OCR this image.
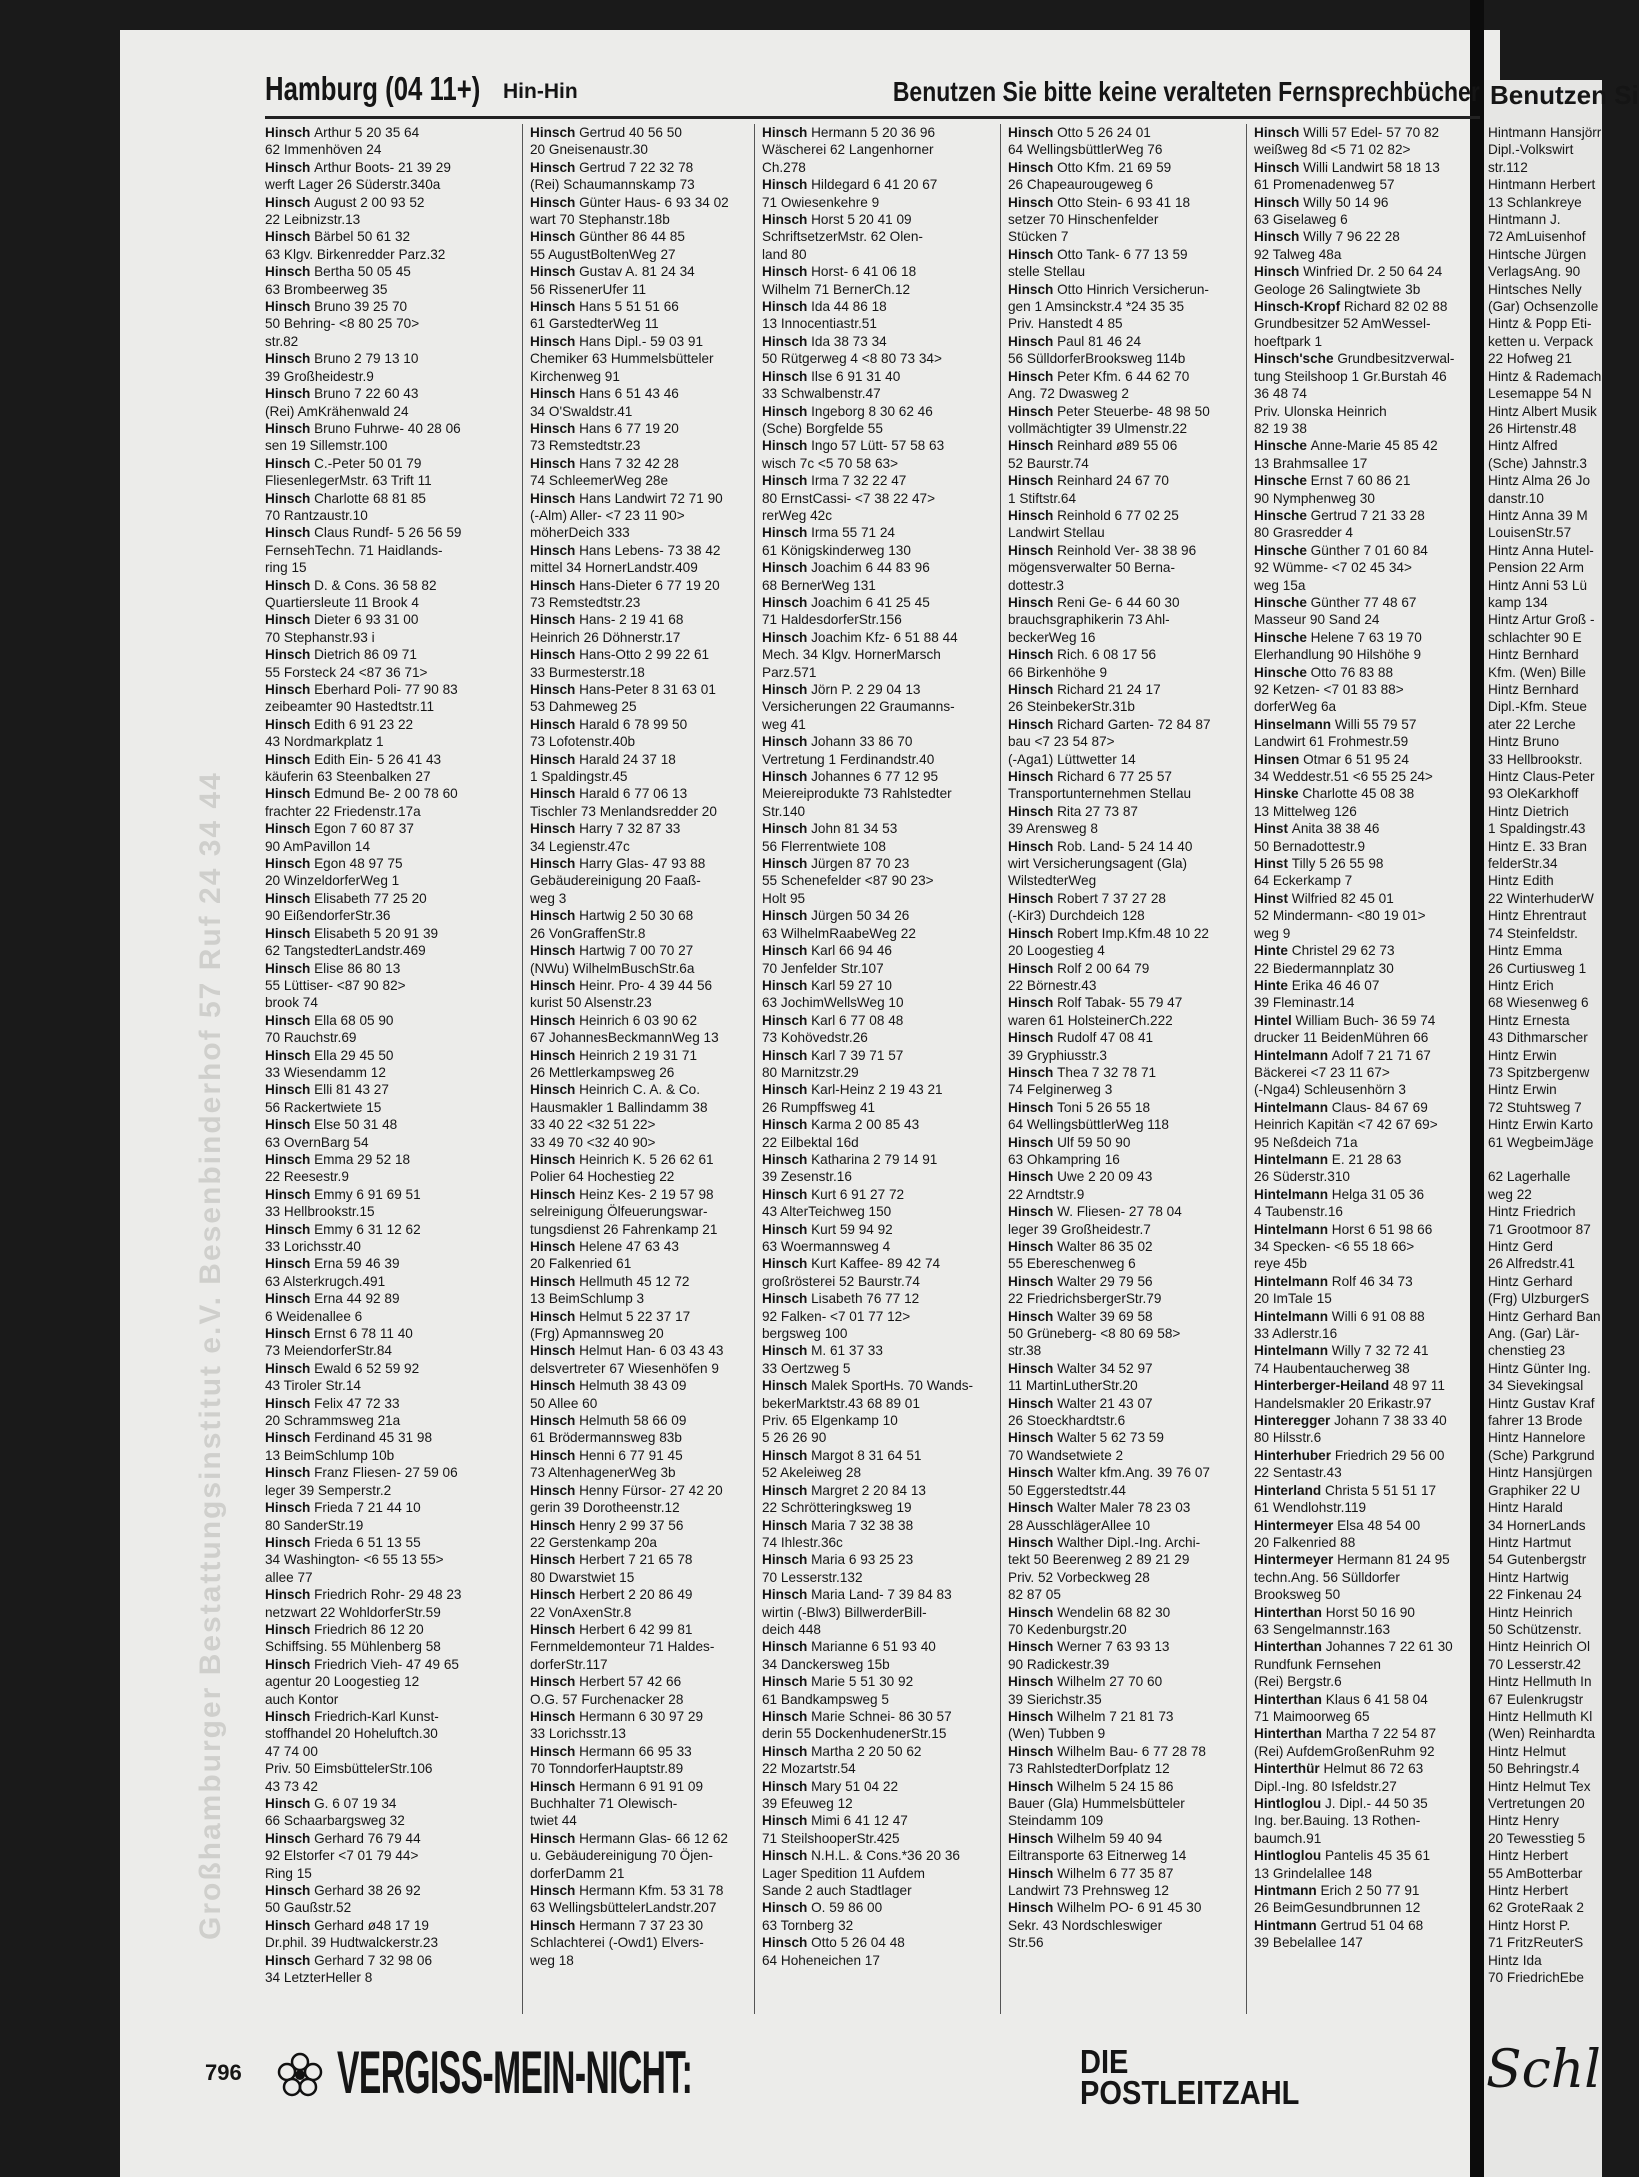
Benutzen Si
Hintmann Hansjörr
Dipl.-Volkswirt
str.112
Hintmann Herbert
13 Schlankreye
Hintmann J.
72 AmLuisenhof
Hintsche Jürgen
VerlagsAng. 90
Hintsches Nelly
(Gar) Ochsenzolle
Hintz & Popp Eti-
ketten u. Verpack
22 Hofweg 21
Hintz & Rademach
Lesemappe 54 N
Hintz Albert Musik
26 Hirtenstr.48
Hintz Alfred
(Sche) Jahnstr.3
Hintz Alma 26 Jo
danstr.10
Hintz Anna 39 M
LouisenStr.57
Hintz Anna Hutel-
Pension 22 Arm
Hintz Anni 53 Lü
kamp 134
Hintz Artur Groß -
schlachter 90 E
Hintz Bernhard
Kfm. (Wen) Bille
Hintz Bernhard
Dipl.-Kfm. Steue
ater 22 Lerche
Hintz Bruno
33 Hellbrookstr.
Hintz Claus-Peter
93 OleKarkhoff
Hintz Dietrich
1 Spaldingstr.43
Hintz E. 33 Bran
felderStr.34
Hintz Edith
22 WinterhuderW
Hintz Ehrentraut
74 Steinfeldstr.
Hintz Emma
26 Curtiusweg 1
Hintz Erich
68 Wiesenweg 6
Hintz Ernesta
43 Dithmarscher
Hintz Erwin
73 Spitzbergenw
Hintz Erwin
72 Stuhtsweg 7
Hintz Erwin Karto
61 WegbeimJäge

62 Lagerhalle
weg 22
Hintz Friedrich
71 Grootmoor 87
Hintz Gerd
26 Alfredstr.41
Hintz Gerhard
(Frg) UlzburgerS
Hintz Gerhard Ban
Ang. (Gar) Lär-
chenstieg 23
Hintz Günter Ing.
34 Sievekingsal
Hintz Gustav Kraf
fahrer 13 Brode
Hintz Hannelore
(Sche) Parkgrund
Hintz Hansjürgen
Graphiker 22 U
Hintz Harald
34 HornerLands
Hintz Hartmut
54 Gutenbergstr
Hintz Hartwig
22 Finkenau 24
Hintz Heinrich
50 Schützenstr.
Hintz Heinrich Ol
70 Lesserstr.42
Hintz Hellmuth In
67 Eulenkrugstr
Hintz Hellmuth Kl
(Wen) Reinhardta
Hintz Helmut
50 Behringstr.4
Hintz Helmut Tex
Vertretungen 20
Hintz Henry
20 Tewesstieg 5
Hintz Herbert
55 AmBotterbar
Hintz Herbert
62 GroteRaak 2
Hintz Horst P.
71 FritzReuterS
Hintz Ida
70 FriedrichEbe
Schl
Großhamburger Bestattungsinstitut e.V. Besenbinderhof 57 Ruf 24 34 44
Hamburg (04 11+) Hin-Hin	Benutzen Sie bitte keine veralteten Fernsprechbücher
Hinsch Arthur 5 20 35 64
62 Immenhöven 24
Hinsch Arthur Boots- 21 39 29
werft Lager 26 Süderstr.340a
Hinsch August 2 00 93 52
22 Leibnizstr.13
Hinsch Bärbel 50 61 32
63 Klgv. Birkenredder Parz.32
Hinsch Bertha 50 05 45
63 Brombeerweg 35
Hinsch Bruno 39 25 70
50 Behring- <8 80 25 70>
str.82
Hinsch Bruno 2 79 13 10
39 Großheidestr.9
Hinsch Bruno 7 22 60 43
(Rei) AmKrähenwald 24
Hinsch Bruno Fuhrwe- 40 28 06
sen 19 Sillemstr.100
Hinsch C.-Peter 50 01 79
FliesenlegerMstr. 63 Trift 11
Hinsch Charlotte 68 81 85
70 Rantzaustr.10
Hinsch Claus Rundf- 5 26 56 59
FernsehTechn. 71 Haidlands-
ring 15
Hinsch D. & Cons. 36 58 82
Quartiersleute 11 Brook 4
Hinsch Dieter 6 93 31 00
70 Stephanstr.93 i
Hinsch Dietrich 86 09 71
55 Forsteck 24 <87 36 71>
Hinsch Eberhard Poli- 77 90 83
zeibeamter 90 Hastedtstr.11
Hinsch Edith 6 91 23 22
43 Nordmarkplatz 1
Hinsch Edith Ein- 5 26 41 43
käuferin 63 Steenbalken 27
Hinsch Edmund Be- 2 00 78 60
frachter 22 Friedenstr.17a
Hinsch Egon 7 60 87 37
90 AmPavillon 14
Hinsch Egon 48 97 75
20 WinzeldorferWeg 1
Hinsch Elisabeth 77 25 20
90 EißendorferStr.36
Hinsch Elisabeth 5 20 91 39
62 TangstedterLandstr.469
Hinsch Elise 86 80 13
55 Lüttiser- <87 90 82>
brook 74
Hinsch Ella 68 05 90
70 Rauchstr.69
Hinsch Ella 29 45 50
33 Wiesendamm 12
Hinsch Elli 81 43 27
56 Rackertwiete 15
Hinsch Else 50 31 48
63 OvernBarg 54
Hinsch Emma 29 52 18
22 Reesestr.9
Hinsch Emmy 6 91 69 51
33 Hellbrookstr.15
Hinsch Emmy 6 31 12 62
33 Lorichsstr.40
Hinsch Erna 59 46 39
63 Alsterkrugch.491
Hinsch Erna 44 92 89
6 Weidenallee 6
Hinsch Ernst 6 78 11 40
73 MeiendorferStr.84
Hinsch Ewald 6 52 59 92
43 Tiroler Str.14
Hinsch Felix 47 72 33
20 Schrammsweg 21a
Hinsch Ferdinand 45 31 98
13 BeimSchlump 10b
Hinsch Franz Fliesen- 27 59 06
leger 39 Semperstr.2
Hinsch Frieda 7 21 44 10
80 SanderStr.19
Hinsch Frieda 6 51 13 55
34 Washington- <6 55 13 55>
allee 77
Hinsch Friedrich Rohr- 29 48 23
netzwart 22 WohldorferStr.59
Hinsch Friedrich 86 12 20
Schiffsing. 55 Mühlenberg 58
Hinsch Friedrich Vieh- 47 49 65
agentur 20 Loogestieg 12
auch Kontor
Hinsch Friedrich-Karl Kunst-
stoffhandel 20 Hoheluftch.30
47 74 00
Priv. 50 EimsbüttelerStr.106
43 73 42
Hinsch G. 6 07 19 34
66 Schaarbargsweg 32
Hinsch Gerhard 76 79 44
92 Elstorfer <7 01 79 44>
Ring 15
Hinsch Gerhard 38 26 92
50 Gaußstr.52
Hinsch Gerhard ø48 17 19
Dr.phil. 39 Hudtwalckerstr.23
Hinsch Gerhard 7 32 98 06
34 LetzterHeller 8
Hinsch Gertrud 40 56 50
20 Gneisenaustr.30
Hinsch Gertrud 7 22 32 78
(Rei) Schaumannskamp 73
Hinsch Günter Haus- 6 93 34 02
wart 70 Stephanstr.18b
Hinsch Günther 86 44 85
55 AugustBoltenWeg 27
Hinsch Gustav A. 81 24 34
56 RissenerUfer 11
Hinsch Hans 5 51 51 66
61 GarstedterWeg 11
Hinsch Hans Dipl.- 59 03 91
Chemiker 63 Hummelsbütteler
Kirchenweg 91
Hinsch Hans 6 51 43 46
34 O'Swaldstr.41
Hinsch Hans 6 77 19 20
73 Remstedtstr.23
Hinsch Hans 7 32 42 28
74 SchleemerWeg 28e
Hinsch Hans Landwirt 72 71 90
(-Alm) Aller- <7 23 11 90>
möherDeich 333
Hinsch Hans Lebens- 73 38 42
mittel 34 HornerLandstr.409
Hinsch Hans-Dieter 6 77 19 20
73 Remstedtstr.23
Hinsch Hans- 2 19 41 68
Heinrich 26 Döhnerstr.17
Hinsch Hans-Otto 2 99 22 61
33 Burmesterstr.18
Hinsch Hans-Peter 8 31 63 01
53 Dahmeweg 25
Hinsch Harald 6 78 99 50
73 Lofotenstr.40b
Hinsch Harald 24 37 18
1 Spaldingstr.45
Hinsch Harald 6 77 06 13
Tischler 73 Menlandsredder 20
Hinsch Harry 7 32 87 33
34 Legienstr.47c
Hinsch Harry Glas- 47 93 88
Gebäudereinigung 20 Faaß-
weg 3
Hinsch Hartwig 2 50 30 68
26 VonGraffenStr.8
Hinsch Hartwig 7 00 70 27
(NWu) WilhelmBuschStr.6a
Hinsch Heinr. Pro- 4 39 44 56
kurist 50 Alsenstr.23
Hinsch Heinrich 6 03 90 62
67 JohannesBeckmannWeg 13
Hinsch Heinrich 2 19 31 71
26 Mettlerkampsweg 26
Hinsch Heinrich C. A. & Co.
Hausmakler 1 Ballindamm 38
33 40 22 <32 51 22>
33 49 70 <32 40 90>
Hinsch Heinrich K. 5 26 62 61
Polier 64 Hochestieg 22
Hinsch Heinz Kes- 2 19 57 98
selreinigung Ölfeuerungswar-
tungsdienst 26 Fahrenkamp 21
Hinsch Helene 47 63 43
20 Falkenried 61
Hinsch Hellmuth 45 12 72
13 BeimSchlump 3
Hinsch Helmut 5 22 37 17
(Frg) Apmannsweg 20
Hinsch Helmut Han- 6 03 43 43
delsvertreter 67 Wiesenhöfen 9
Hinsch Helmuth 38 43 09
50 Allee 60
Hinsch Helmuth 58 66 09
61 Brödermannsweg 83b
Hinsch Henni 6 77 91 45
73 AltenhagenerWeg 3b
Hinsch Henny Fürsor- 27 42 20
gerin 39 Dorotheenstr.12
Hinsch Henry 2 99 37 56
22 Gerstenkamp 20a
Hinsch Herbert 7 21 65 78
80 Dwarstwiet 15
Hinsch Herbert 2 20 86 49
22 VonAxenStr.8
Hinsch Herbert 6 42 99 81
Fernmeldemonteur 71 Haldes-
dorferStr.117
Hinsch Herbert 57 42 66
O.G. 57 Furchenacker 28
Hinsch Hermann 6 30 97 29
33 Lorichsstr.13
Hinsch Hermann 66 95 33
70 TonndorferHauptstr.89
Hinsch Hermann 6 91 91 09
Buchhalter 71 Olewisch-
twiet 44
Hinsch Hermann Glas- 66 12 62
u. Gebäudereinigung 70 Öjen-
dorferDamm 21
Hinsch Hermann Kfm. 53 31 78
63 WellingsbüttelerLandstr.207
Hinsch Hermann 7 37 23 30
Schlachterei (-Owd1) Elvers-
weg 18
Hinsch Hermann 5 20 36 96
Wäscherei 62 Langenhorner
Ch.278
Hinsch Hildegard 6 41 20 67
71 Owiesenkehre 9
Hinsch Horst 5 20 41 09
SchriftsetzerMstr. 62 Olen-
land 80
Hinsch Horst- 6 41 06 18
Wilhelm 71 BernerCh.12
Hinsch Ida 44 86 18
13 Innocentiastr.51
Hinsch Ida 38 73 34
50 Rütgerweg 4 <8 80 73 34>
Hinsch Ilse 6 91 31 40
33 Schwalbenstr.47
Hinsch Ingeborg 8 30 62 46
(Sche) Borgfelde 55
Hinsch Ingo 57 Lütt- 57 58 63
wisch 7c <5 70 58 63>
Hinsch Irma 7 32 22 47
80 ErnstCassi- <7 38 22 47>
rerWeg 42c
Hinsch Irma 55 71 24
61 Königskinderweg 130
Hinsch Joachim 6 44 83 96
68 BernerWeg 131
Hinsch Joachim 6 41 25 45
71 HaldesdorferStr.156
Hinsch Joachim Kfz- 6 51 88 44
Mech. 34 Klgv. HornerMarsch
Parz.571
Hinsch Jörn P. 2 29 04 13
Versicherungen 22 Graumanns-
weg 41
Hinsch Johann 33 86 70
Vertretung 1 Ferdinandstr.40
Hinsch Johannes 6 77 12 95
Meiereiprodukte 73 Rahlstedter
Str.140
Hinsch John 81 34 53
56 Flerrentwiete 108
Hinsch Jürgen 87 70 23
55 Schenefelder <87 90 23>
Holt 95
Hinsch Jürgen 50 34 26
63 WilhelmRaabeWeg 22
Hinsch Karl 66 94 46
70 Jenfelder Str.107
Hinsch Karl 59 27 10
63 JochimWellsWeg 10
Hinsch Karl 6 77 08 48
73 Kohövedstr.26
Hinsch Karl 7 39 71 57
80 Marnitzstr.29
Hinsch Karl-Heinz 2 19 43 21
26 Rumpffsweg 41
Hinsch Karma 2 00 85 43
22 Eilbektal 16d
Hinsch Katharina 2 79 14 91
39 Zesenstr.16
Hinsch Kurt 6 91 27 72
43 AlterTeichweg 150
Hinsch Kurt 59 94 92
63 Woermannsweg 4
Hinsch Kurt Kaffee- 89 42 74
großrösterei 52 Baurstr.74
Hinsch Lisabeth 76 77 12
92 Falken- <7 01 77 12>
bergsweg 100
Hinsch M. 61 37 33
33 Oertzweg 5
Hinsch Malek SportHs. 70 Wands-
bekerMarktstr.43 68 89 01
Priv. 65 Elgenkamp 10
5 26 26 90
Hinsch Margot 8 31 64 51
52 Akeleiweg 28
Hinsch Margret 2 20 84 13
22 Schrötteringksweg 19
Hinsch Maria 7 32 38 38
74 Ihlestr.36c
Hinsch Maria 6 93 25 23
70 Lesserstr.132
Hinsch Maria Land- 7 39 84 83
wirtin (-Blw3) BillwerderBill-
deich 448
Hinsch Marianne 6 51 93 40
34 Danckersweg 15b
Hinsch Marie 5 51 30 92
61 Bandkampsweg 5
Hinsch Marie Schnei- 86 30 57
derin 55 DockenhudenerStr.15
Hinsch Martha 2 20 50 62
22 Mozartstr.54
Hinsch Mary 51 04 22
39 Efeuweg 12
Hinsch Mimi 6 41 12 47
71 SteilshooperStr.425
Hinsch N.H.L. & Cons.*36 20 36
Lager Spedition 11 Aufdem
Sande 2 auch Stadtlager
Hinsch O. 59 86 00
63 Tornberg 32
Hinsch Otto 5 26 04 48
64 Hoheneichen 17
Hinsch Otto 5 26 24 01
64 WellingsbüttlerWeg 76
Hinsch Otto Kfm. 21 69 59
26 Chapeaurougeweg 6
Hinsch Otto Stein- 6 93 41 18
setzer 70 Hinschenfelder
Stücken 7
Hinsch Otto Tank- 6 77 13 59
stelle Stellau
Hinsch Otto Hinrich Versicherun-
gen 1 Amsinckstr.4 *24 35 35
Priv. Hanstedt 4 85
Hinsch Paul 81 46 24
56 SülldorferBrooksweg 114b
Hinsch Peter Kfm. 6 44 62 70
Ang. 72 Dwasweg 2
Hinsch Peter Steuerbe- 48 98 50
vollmächtigter 39 Ulmenstr.22
Hinsch Reinhard ø89 55 06
52 Baurstr.74
Hinsch Reinhard 24 67 70
1 Stiftstr.64
Hinsch Reinhold 6 77 02 25
Landwirt Stellau
Hinsch Reinhold Ver- 38 38 96
mögensverwalter 50 Berna-
dottestr.3
Hinsch Reni Ge- 6 44 60 30
brauchsgraphikerin 73 Ahl-
beckerWeg 16
Hinsch Rich. 6 08 17 56
66 Birkenhöhe 9
Hinsch Richard 21 24 17
26 SteinbekerStr.31b
Hinsch Richard Garten- 72 84 87
bau <7 23 54 87>
(-Aga1) Lüttwetter 14
Hinsch Richard 6 77 25 57
Transportunternehmen Stellau
Hinsch Rita 27 73 87
39 Arensweg 8
Hinsch Rob. Land- 5 24 14 40
wirt Versicherungsagent (Gla)
WilstedterWeg
Hinsch Robert 7 37 27 28
(-Kir3) Durchdeich 128
Hinsch Robert Imp.Kfm.48 10 22
20 Loogestieg 4
Hinsch Rolf 2 00 64 79
22 Börnestr.43
Hinsch Rolf Tabak- 55 79 47
waren 61 HolsteinerCh.222
Hinsch Rudolf 47 08 41
39 Gryphiusstr.3
Hinsch Thea 7 32 78 71
74 Felginerweg 3
Hinsch Toni 5 26 55 18
64 WellingsbüttlerWeg 118
Hinsch Ulf 59 50 90
63 Ohkampring 16
Hinsch Uwe 2 20 09 43
22 Arndtstr.9
Hinsch W. Fliesen- 27 78 04
leger 39 Großheidestr.7
Hinsch Walter 86 35 02
55 Ebereschenweg 6
Hinsch Walter 29 79 56
22 FriedrichsbergerStr.79
Hinsch Walter 39 69 58
50 Grüneberg- <8 80 69 58>
str.38
Hinsch Walter 34 52 97
11 MartinLutherStr.20
Hinsch Walter 21 43 07
26 Stoeckhardtstr.6
Hinsch Walter 5 62 73 59
70 Wandsetwiete 2
Hinsch Walter kfm.Ang. 39 76 07
50 Eggerstedtstr.44
Hinsch Walter Maler 78 23 03
28 AusschlägerAllee 10
Hinsch Walther Dipl.-Ing. Archi-
tekt 50 Beerenweg 2 89 21 29
Priv. 52 Vorbeckweg 28
82 87 05
Hinsch Wendelin 68 82 30
70 Kedenburgstr.20
Hinsch Werner 7 63 93 13
90 Radickestr.39
Hinsch Wilhelm 27 70 60
39 Sierichstr.35
Hinsch Wilhelm 7 21 81 73
(Wen) Tubben 9
Hinsch Wilhelm Bau- 6 77 28 78
73 RahlstedterDorfplatz 12
Hinsch Wilhelm 5 24 15 86
Bauer (Gla) Hummelsbütteler
Steindamm 109
Hinsch Wilhelm 59 40 94
Eiltransporte 63 Eitnerweg 14
Hinsch Wilhelm 6 77 35 87
Landwirt 73 Prehnsweg 12
Hinsch Wilhelm PO- 6 91 45 30
Sekr. 43 Nordschleswiger
Str.56
Hinsch Willi 57 Edel- 57 70 82
weißweg 8d <5 71 02 82>
Hinsch Willi Landwirt 58 18 13
61 Promenadenweg 57
Hinsch Willy 50 14 96
63 Giselaweg 6
Hinsch Willy 7 96 22 28
92 Talweg 48a
Hinsch Winfried Dr. 2 50 64 24
Geologe 26 Salingtwiete 3b
Hinsch-Kropf Richard 82 02 88
Grundbesitzer 52 AmWessel-
hoeftpark 1
Hinsch'sche Grundbesitzverwal-
tung Steilshoop 1 Gr.Burstah 46
36 48 74
Priv. Ulonska Heinrich
82 19 38
Hinsche Anne-Marie 45 85 42
13 Brahmsallee 17
Hinsche Ernst 7 60 86 21
90 Nymphenweg 30
Hinsche Gertrud 7 21 33 28
80 Grasredder 4
Hinsche Günther 7 01 60 84
92 Wümme- <7 02 45 34>
weg 15a
Hinsche Günther 77 48 67
Masseur 90 Sand 24
Hinsche Helene 7 63 19 70
Elerhandlung 90 Hilshöhe 9
Hinsche Otto 76 83 88
92 Ketzen- <7 01 83 88>
dorferWeg 6a
Hinselmann Willi 55 79 57
Landwirt 61 Frohmestr.59
Hinsen Otmar 6 51 95 24
34 Weddestr.51 <6 55 25 24>
Hinske Charlotte 45 08 38
13 Mittelweg 126
Hinst Anita 38 38 46
50 Bernadottestr.9
Hinst Tilly 5 26 55 98
64 Eckerkamp 7
Hinst Wilfried 82 45 01
52 Mindermann- <80 19 01>
weg 9
Hinte Christel 29 62 73
22 Biedermannplatz 30
Hinte Erika 46 46 07
39 Fleminastr.14
Hintel William Buch- 36 59 74
drucker 11 BeidenMühren 66
Hintelmann Adolf 7 21 71 67
Bäckerei <7 23 11 67>
(-Nga4) Schleusenhörn 3
Hintelmann Claus- 84 67 69
Heinrich Kapitän <7 42 67 69>
95 Neßdeich 71a
Hintelmann E. 21 28 63
26 Süderstr.310
Hintelmann Helga 31 05 36
4 Taubenstr.16
Hintelmann Horst 6 51 98 66
34 Specken- <6 55 18 66>
reye 45b
Hintelmann Rolf 46 34 73
20 ImTale 15
Hintelmann Willi 6 91 08 88
33 Adlerstr.16
Hintelmann Willy 7 32 72 41
74 Haubentaucherweg 38
Hinterberger-Heiland 48 97 11
Handelsmakler 20 Erikastr.97
Hinteregger Johann 7 38 33 40
80 Hilsstr.6
Hinterhuber Friedrich 29 56 00
22 Sentastr.43
Hinterland Christa 5 51 51 17
61 Wendlohstr.119
Hintermeyer Elsa 48 54 00
20 Falkenried 88
Hintermeyer Hermann 81 24 95
techn.Ang. 56 Sülldorfer
Brooksweg 50
Hinterthan Horst 50 16 90
63 Sengelmannstr.163
Hinterthan Johannes 7 22 61 30
Rundfunk Fernsehen
(Rei) Bergstr.6
Hinterthan Klaus 6 41 58 04
71 Maimoorweg 65
Hinterthan Martha 7 22 54 87
(Rei) AufdemGroßenRuhm 92
Hinterthür Helmut 86 72 63
Dipl.-Ing. 80 Isfeldstr.27
Hintloglou J. Dipl.- 44 50 35
Ing. ber.Bauing. 13 Rothen-
baumch.91
Hintloglou Pantelis 45 35 61
13 Grindelallee 148
Hintmann Erich 2 50 77 91
26 BeimGesundbrunnen 12
Hintmann Gertrud 51 04 68
39 Bebelallee 147
796 VERGISS-MEIN-NICHT:	DIE
POSTLEITZAHL
